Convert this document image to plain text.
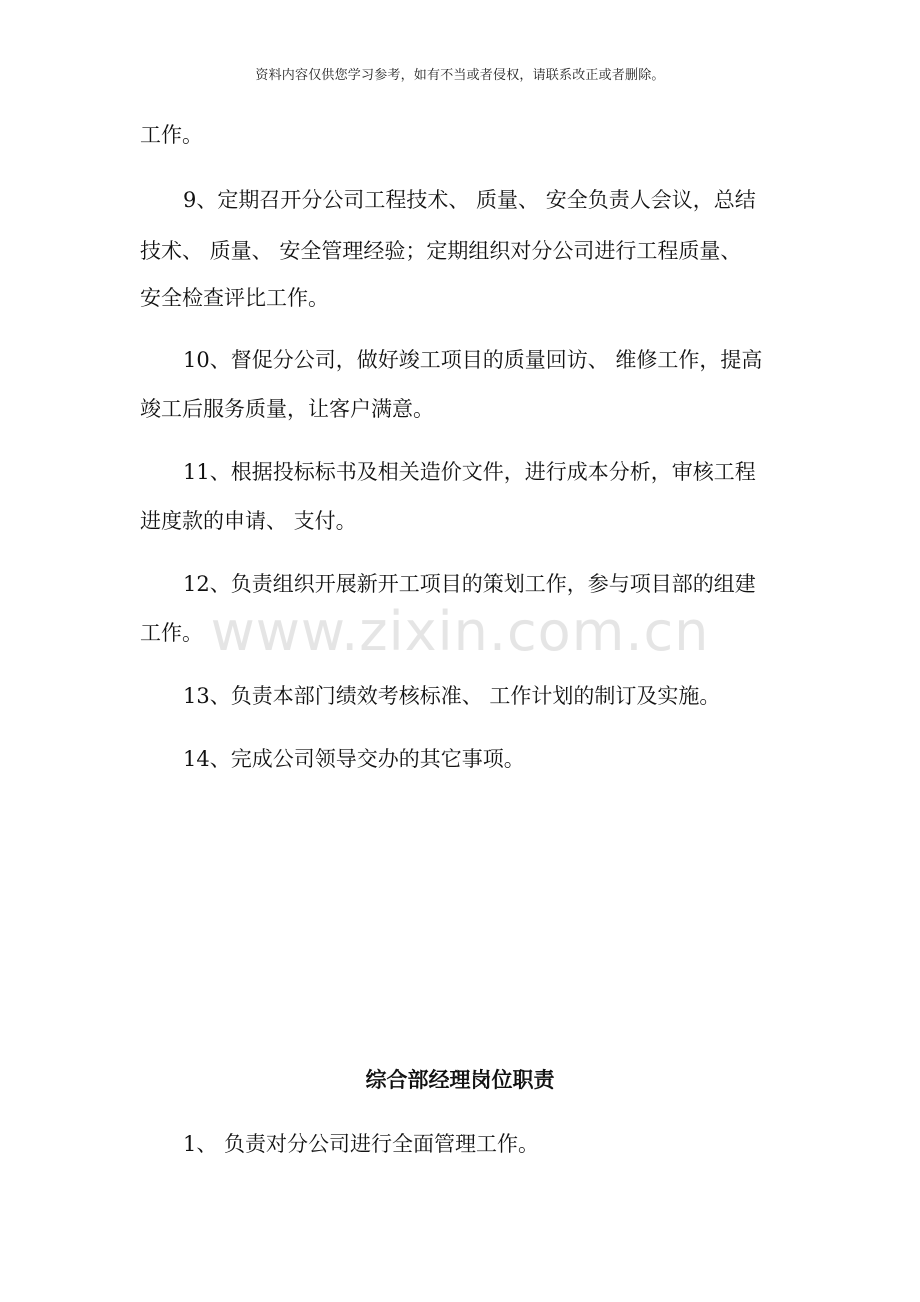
资料内容仅供您学习参考，如有不当或者侵权，请联系改正或者删除。
工作。
9、定期召开分公司工程技术、 质量、 安全负责人会议，总结
技术、 质量、 安全管理经验；定期组织对分公司进行工程质量、
安全检查评比工作。
10、督促分公司，做好竣工项目的质量回访、 维修工作，提高
竣工后服务质量，让客户满意。
11、根据投标标书及相关造价文件，进行成本分析，审核工程
进度款的申请、 支付。
12、负责组织开展新开工项目的策划工作，参与项目部的组建
工作。
13、负责本部门绩效考核标准、 工作计划的制订及实施。
14、完成公司领导交办的其它事项。
www.zixin.com.cn
综合部经理岗位职责
1、 负责对分公司进行全面管理工作。
